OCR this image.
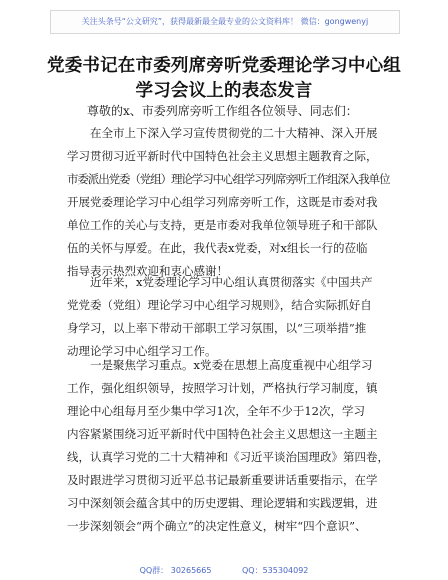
关注头条号“公文研究”，获得最新最全最专业的公文资料库！ 微信：gongwenyj
党委书记在市委列席旁听党委理论学习中心组
学习会议上的表态发言

尊敬的x、市委列席旁听工作组各位领导、同志们：

在全市上下深入学习宣传贯彻党的二十大精神、深入开展
学习贯彻习近平新时代中国特色社会主义思想主题教育之际，
市委派出党委（党组）理论学习中心组学习列席旁听工作组深入我单位
开展党委理论学习中心组学习列席旁听工作，这既是市委对我
单位工作的关心与支持，更是市委对我单位领导班子和干部队
伍的关怀与厚爱。在此，我代表x党委，对x组长一行的莅临
指导表示热烈欢迎和衷心感谢！
近年来，x党委理论学习中心组认真贯彻落实《中国共产
党党委（党组）理论学习中心组学习规则》，结合实际抓好自
身学习，以上率下带动干部职工学习氛围，以“三项举措”推
动理论学习中心组学习工作。
一是聚焦学习重点。x党委在思想上高度重视中心组学习
工作，强化组织领导，按照学习计划，严格执行学习制度，镇
理论中心组每月至少集中学习1次，全年不少于12次，学习
内容紧紧围绕习近平新时代中国特色社会主义思想这一主题主
线，认真学习党的二十大精神和《习近平谈治国理政》第四卷，
及时跟进学习贯彻习近平总书记最新重要讲话重要指示，在学
习中深刻领会蕴含其中的历史逻辑、理论逻辑和实践逻辑，进
一步深刻领会“两个确立”的决定性意义，树牢“四个意识”、
QQ群： 30265665	QQ：535304092
